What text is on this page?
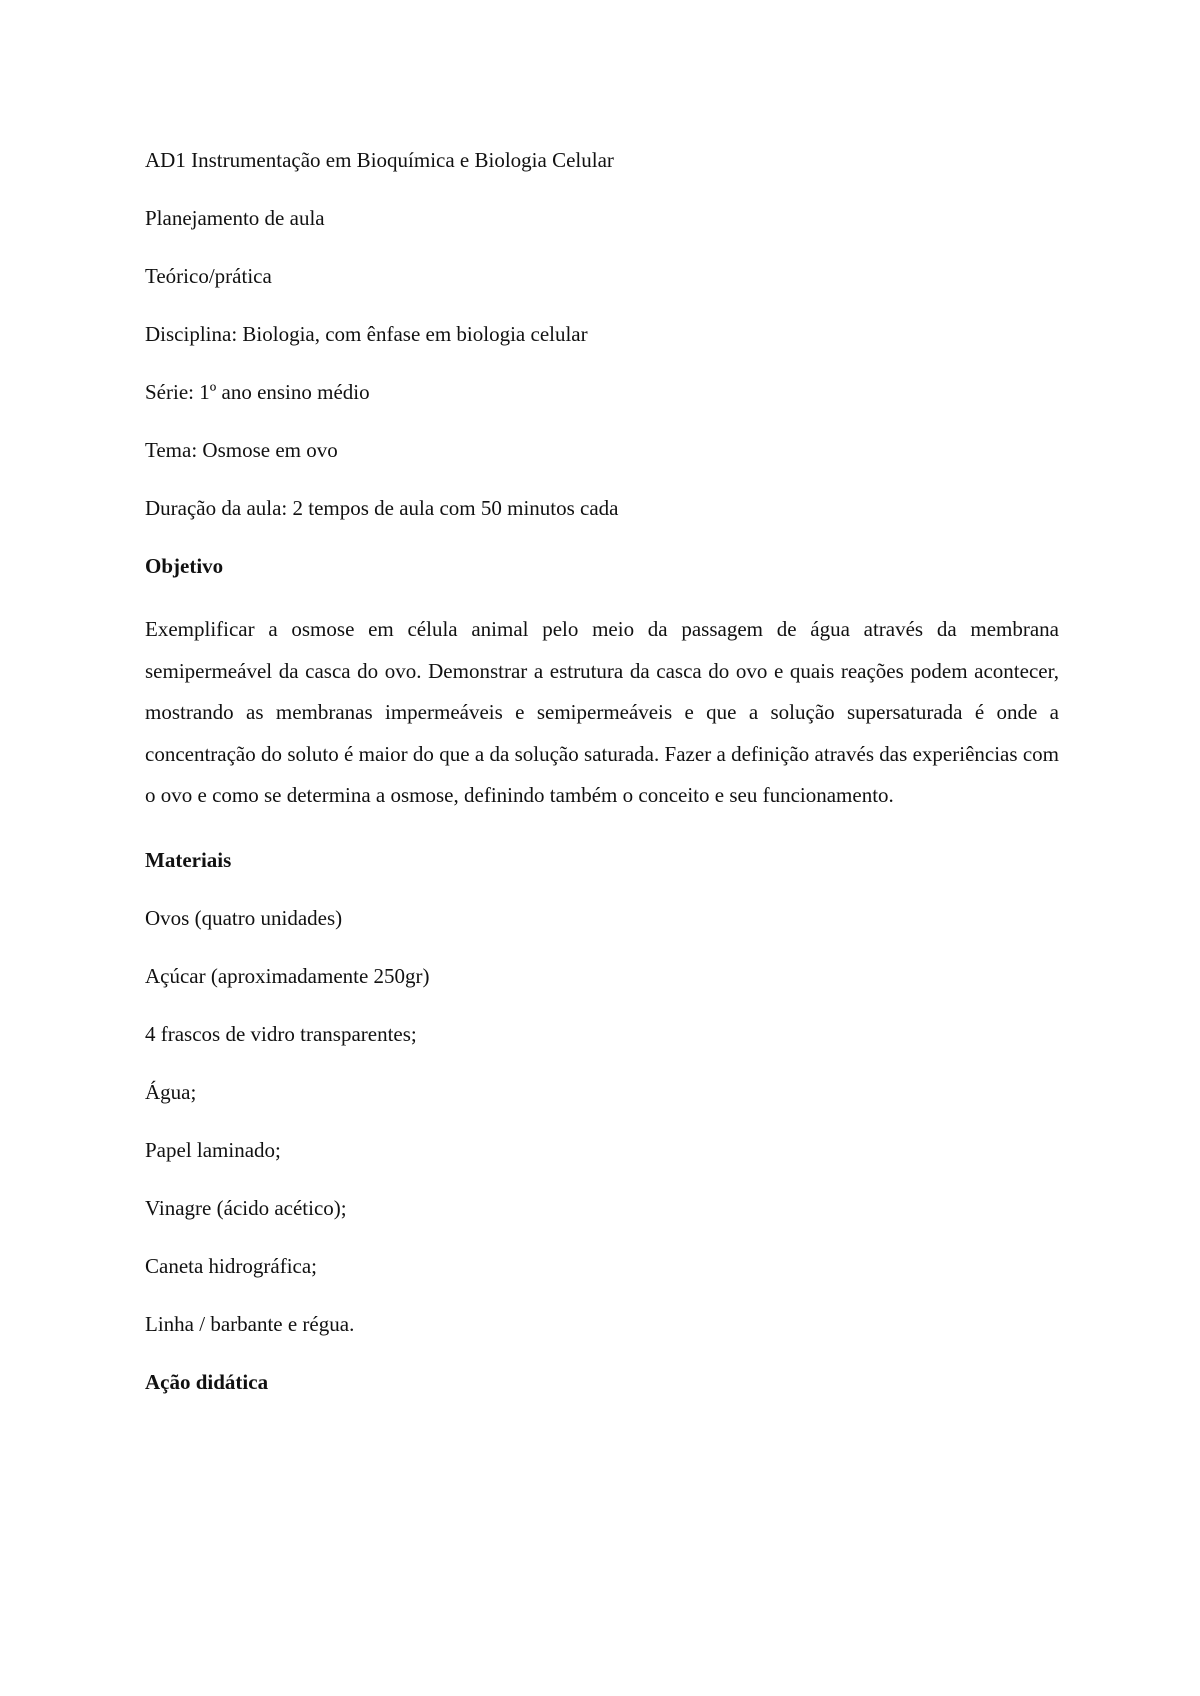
AD1 Instrumentação em Bioquímica e Biologia Celular

Planejamento de aula

Teórico/prática

Disciplina: Biologia, com ênfase em biologia celular

Série: 1º ano ensino médio

Tema: Osmose em ovo

Duração da aula: 2 tempos de aula com 50 minutos cada

Objetivo

Exemplificar a osmose em célula animal pelo meio da passagem de água através da membrana semipermeável da casca do ovo. Demonstrar a estrutura da casca do ovo e quais reações podem acontecer, mostrando as membranas impermeáveis e semipermeáveis e que a solução supersaturada é onde a concentração do soluto é maior do que a da solução saturada. Fazer a definição através das experiências com o ovo e como se determina a osmose, definindo também o conceito e seu funcionamento.

Materiais

Ovos (quatro unidades)

Açúcar (aproximadamente 250gr)

4 frascos de vidro transparentes;

Água;

Papel laminado;

Vinagre (ácido acético);

Caneta hidrográfica;

Linha / barbante e régua.

Ação didática
